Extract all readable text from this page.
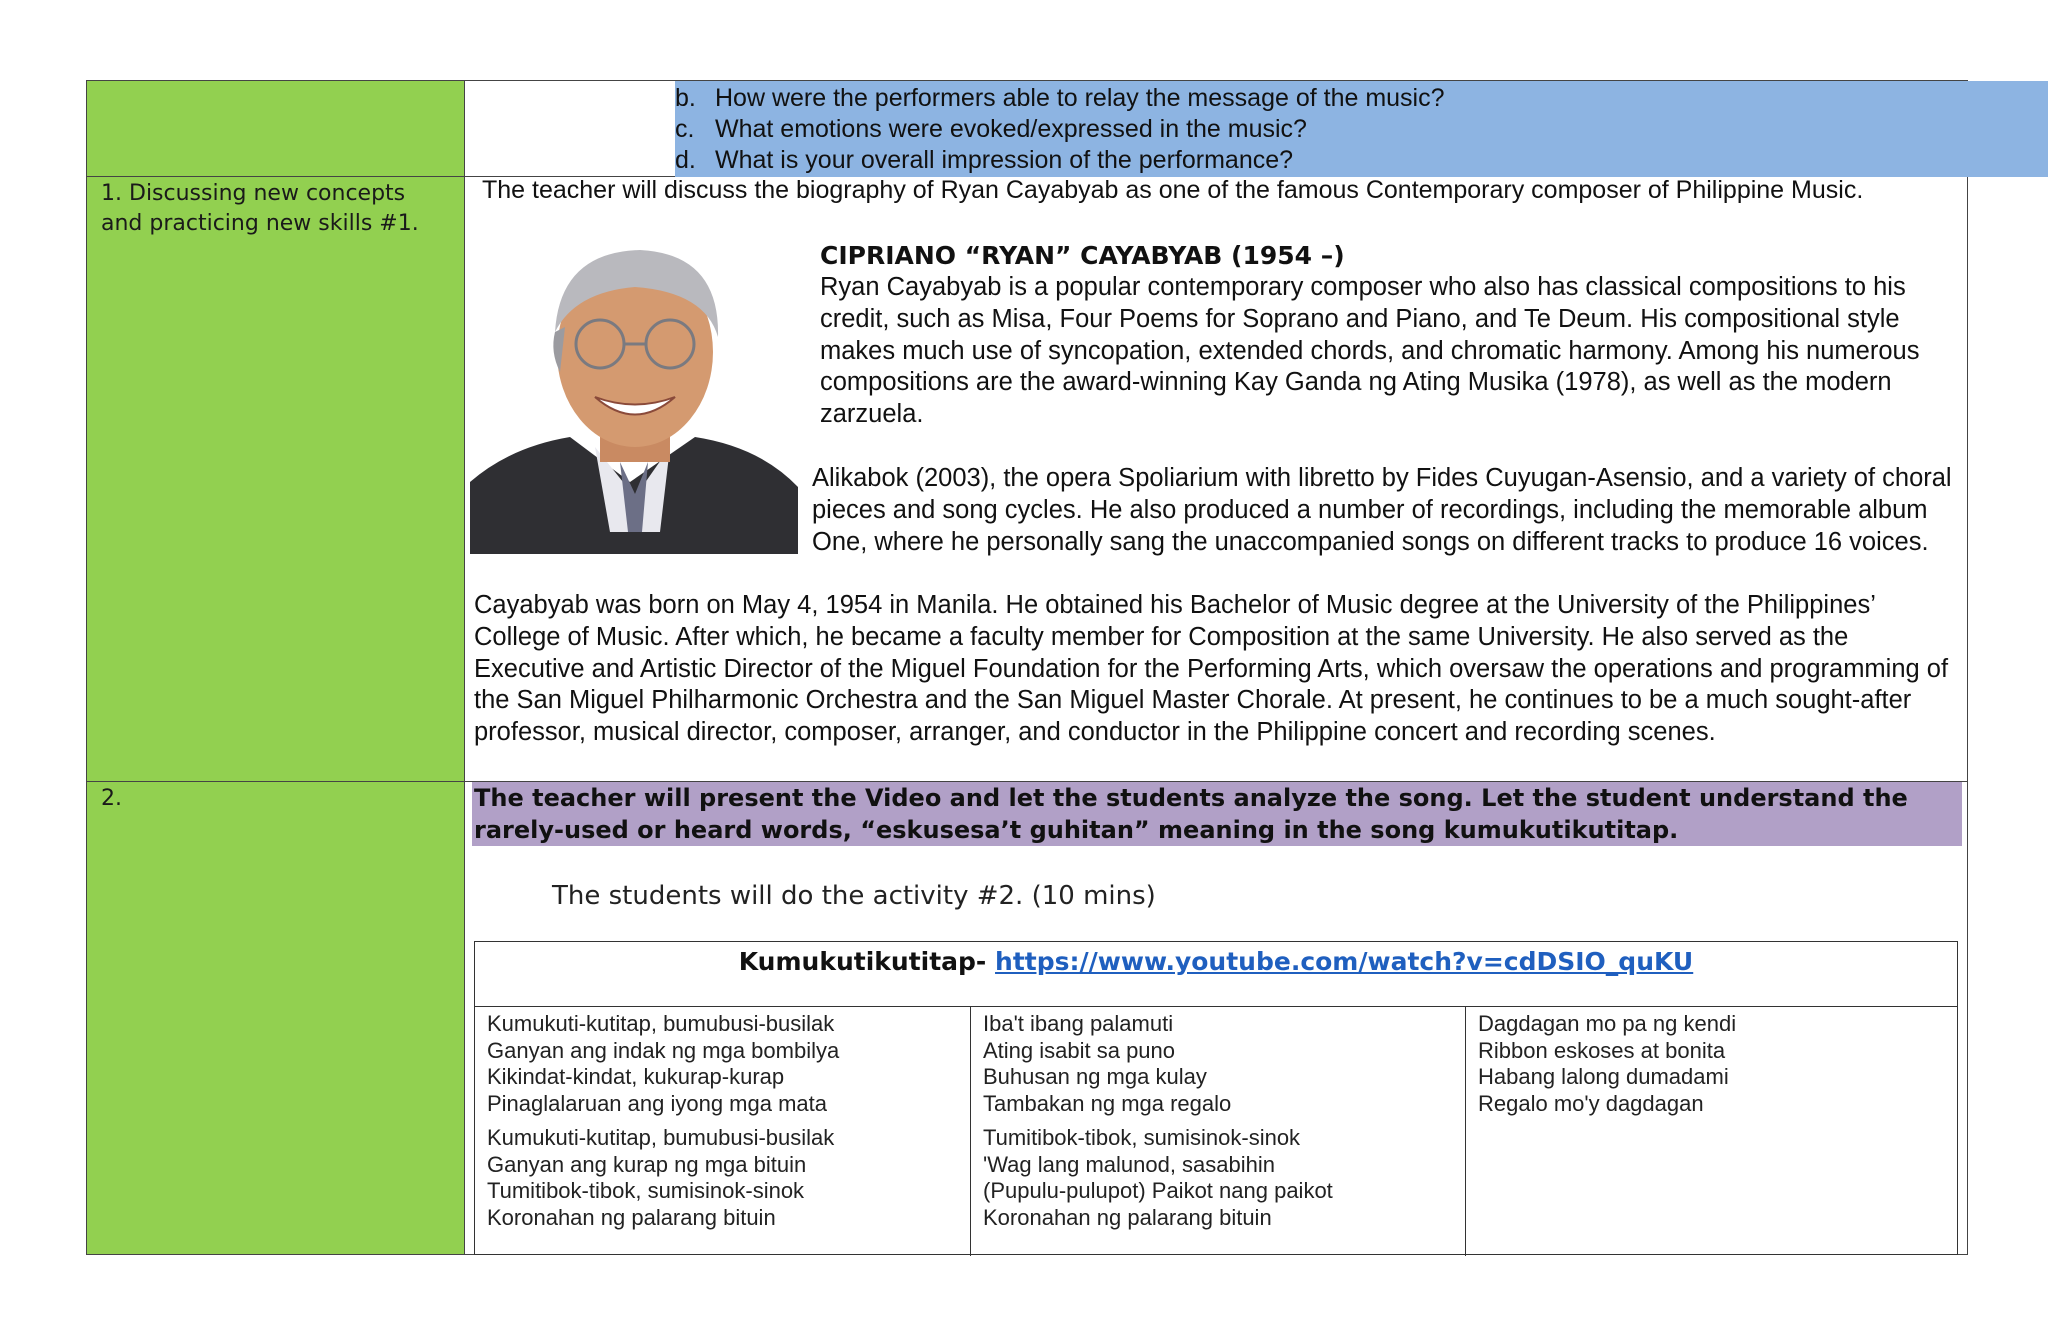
1. Discussing new concepts and practicing new skills #1.
2.
b. How were the performers able to relay the message of the music?
c. What emotions were evoked/expressed in the music?
d. What is your overall impression of the performance?
The teacher will discuss the biography of Ryan Cayabyab as one of the famous Contemporary composer of Philippine Music.
CIPRIANO “RYAN” CAYABYAB (1954 –)
Ryan Cayabyab is a popular contemporary composer who also has classical compositions to his credit, such as Misa, Four Poems for Soprano and Piano, and Te Deum. His compositional style makes much use of syncopation, extended chords, and chromatic harmony. Among his numerous compositions are the award-winning Kay Ganda ng Ating Musika (1978), as well as the modern zarzuela.
Alikabok (2003), the opera Spoliarium with libretto by Fides Cuyugan-Asensio, and a variety of choral pieces and song cycles. He also produced a number of recordings, including the memorable album One, where he personally sang the unaccompanied songs on different tracks to produce 16 voices.
Cayabyab was born on May 4, 1954 in Manila. He obtained his Bachelor of Music degree at the University of the Philippines’ College of Music. After which, he became a faculty member for Composition at the same University. He also served as the Executive and Artistic Director of the Miguel Foundation for the Performing Arts, which oversaw the operations and programming of the San Miguel Philharmonic Orchestra and the San Miguel Master Chorale. At present, he continues to be a much sought-after professor, musical director, composer, arranger, and conductor in the Philippine concert and recording scenes.
The teacher will present the Video and let the students analyze the song. Let the student understand the rarely-used or heard words, “eskusesa’t guhitan” meaning in the song kumukutikutitap.
The students will do the activity #2. (10 mins)
Kumukutikutitap- https://www.youtube.com/watch?v=cdDSIO_quKU
Kumukuti-kutitap, bumubusi-busilak
Ganyan ang indak ng mga bombilya
Kikindat-kindat, kukurap-kurap
Pinaglalaruan ang iyong mga mata
Kumukuti-kutitap, bumubusi-busilak
Ganyan ang kurap ng mga bituin
Tumitibok-tibok, sumisinok-sinok
Koronahan ng palarang bituin
Iba't ibang palamuti
Ating isabit sa puno
Buhusan ng mga kulay
Tambakan ng mga regalo
Tumitibok-tibok, sumisinok-sinok
'Wag lang malunod, sasabihin
(Pupulu-pulupot) Paikot nang paikot
Koronahan ng palarang bituin
Dagdagan mo pa ng kendi
Ribbon eskoses at bonita
Habang lalong dumadami
Regalo mo'y dagdagan
